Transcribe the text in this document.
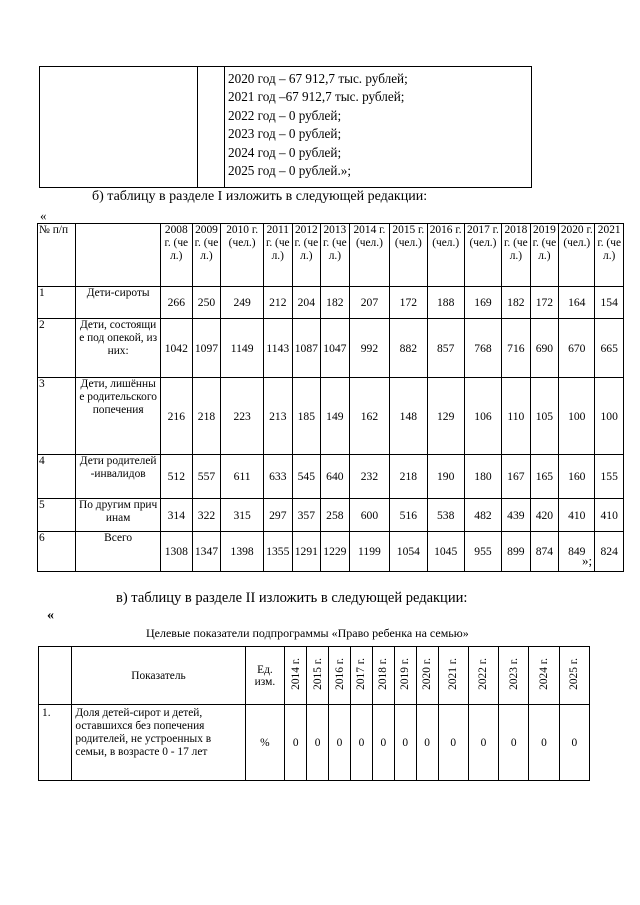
2020 год – 67 912,7 тыс. рублей;
2021 год –67 912,7 тыс. рублей;
2022 год – 0 рублей;
2023 год – 0 рублей;
2024 год – 0 рублей;
2025 год – 0 рублей.»;
б) таблицу в разделе I изложить в следующей редакции:
«
№ п/п		2008 г. (чел.)	2009 г. (чел.)	2010 г. (чел.)	2011г. (чел.)	2012 г. (чел.)	2013 г. (чел.)	2014 г. (чел.)	2015 г. (чел.)	2016 г. (чел.)	2017 г. (чел.)	2018г. (чел.)	2019 г. (чел.)	2020 г. (чел.)	2021 г. (чел.)
1	Дети-сироты	266	250	249	212	204	182	207	172	188	169	182	172	164	154
2	Дети, состоящие под опекой, из них:	1042	1097	1149	1143	1087	1047	992	882	857	768	716	690	670	665
3	Дети, лишённые родительского попечения	216	218	223	213	185	149	162	148	129	106	110	105	100	100
4	Дети родителей-инвалидов	512	557	611	633	545	640	232	218	190	180	167	165	160	155
5	По другим причинам	314	322	315	297	357	258	600	516	538	482	439	420	410	410
6	Всего	1308	1347	1398	1355	1291	1229	1199	1054	1045	955	899	874	849	824
»;
в) таблицу в разделе II изложить в следующей редакции:
«
Целевые показатели подпрограммы «Право ребенка на семью»
	Показатель	Ед. изм.	2014 г.	2015 г.	2016 г.	2017 г.	2018 г.	2019 г.	2020 г.	2021 г.	2022 г.	2023 г.	2024 г.	2025 г.
1.	Доля детей-сирот и детей, оставшихся без попечения родителей, не устроенных в семьи, в возрасте 0 - 17 лет	%	0	0	0	0	0	0	0	0	0	0	0	0
